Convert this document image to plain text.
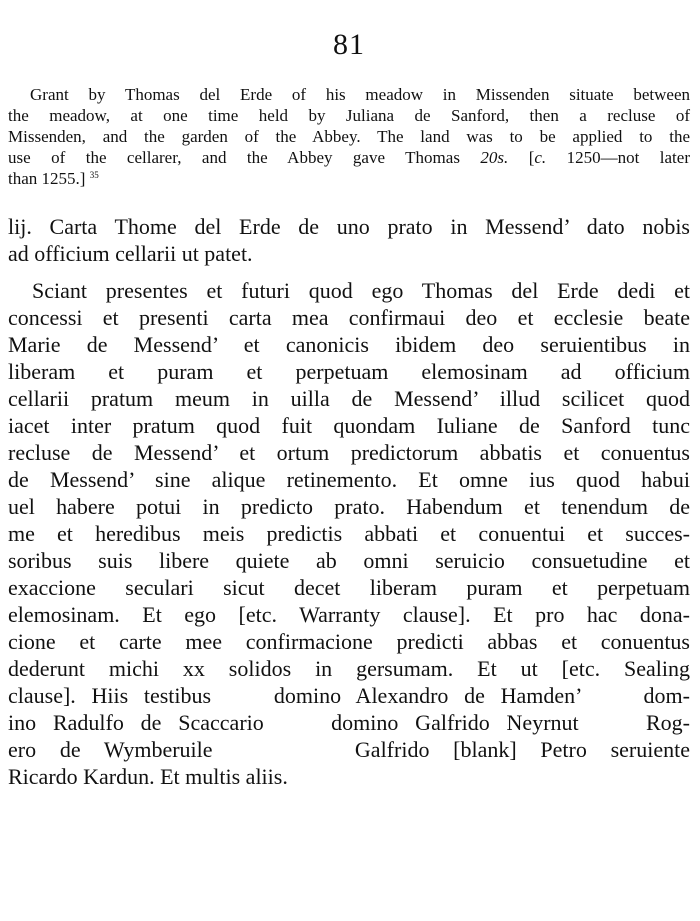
81
Grant by Thomas del Erde of his meadow in Missenden situate between
the meadow, at one time held by Juliana de Sanford, then a recluse of
Missenden, and the garden of the Abbey. The land was to be applied to the
use of the cellarer, and the Abbey gave Thomas 20s. [c. 1250—not later
than 1255.] $^{35}$
lij. Carta Thome del Erde de uno prato in Messend’ dato nobis
ad officium cellarii ut patet.
Sciant presentes et futuri quod ego Thomas del Erde dedi et
concessi et presenti carta mea confirmaui deo et ecclesie beate
Marie de Messend’ et canonicis ibidem deo seruientibus in
liberam et puram et perpetuam elemosinam ad officium
cellarii pratum meum in uilla de Messend’ illud scilicet quod
iacet inter pratum quod fuit quondam Iuliane de Sanford tunc
recluse de Messend’ et ortum predictorum abbatis et conuentus
de Messend’ sine alique retinemento. Et omne ius quod habui
uel habere potui in predicto prato. Habendum et tenendum de
me et heredibus meis predictis abbati et conuentui et succes-
soribus suis libere quiete ab omni seruicio consuetudine et
exaccione seculari sicut decet liberam puram et perpetuam
elemosinam. Et ego [etc. Warranty clause]. Et pro hac dona-
cione et carte mee confirmacione predicti abbas et conuentus
dederunt michi xx solidos in gersumam. Et ut [etc. Sealing
clause]. Hiis testibus    domino Alexandro de Hamden’    dom-
ino Radulfo de Scaccario    domino Galfrido Neyrnut    Rog-
ero de Wymberuile      Galfrido [blank] Petro seruiente
Ricardo Kardun. Et multis aliis.
